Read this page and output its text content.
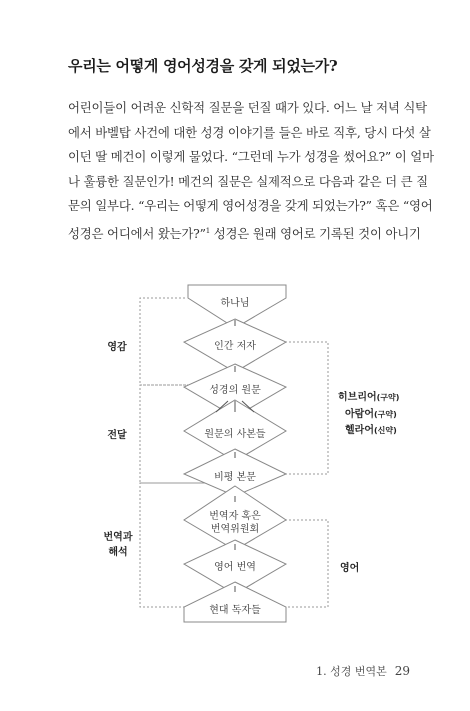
우리는 어떻게 영어성경을 갖게 되었는가?
어린이들이 어려운 신학적 질문을 던질 때가 있다. 어느 날 저녁 식탁
에서 바벨탑 사건에 대한 성경 이야기를 들은 바로 직후, 당시 다섯 살
이던 딸 메건이 이렇게 물었다. “그런데 누가 성경을 썼어요?” 이 얼마
나 훌륭한 질문인가! 메건의 질문은 실제적으로 다음과 같은 더 큰 질
문의 일부다. “우리는 어떻게 영어성경을 갖게 되었는가?” 혹은 “영어
성경은 어디에서 왔는가?”$^1$ 성경은 원래 영어로 기록된 것이 아니기
하나님
인간 저자
성경의 원문
원문의 사본들
비평 본문
번역자 혹은
번역위원회
영어 번역
현대 독자들
영감
전달
번역과
해석
히브리어(구약)
아람어(구약)
헬라어(신약)
영어
1. 성경 번역본 29
